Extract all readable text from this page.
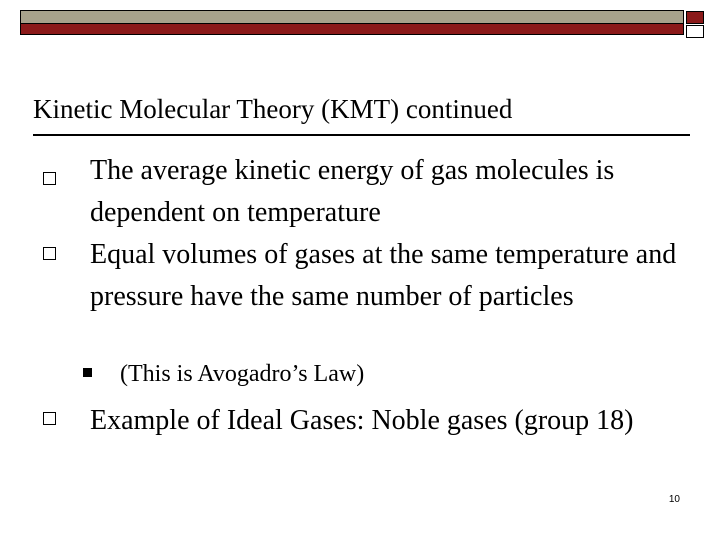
Kinetic Molecular Theory (KMT) continued
The average kinetic energy of gas molecules is dependent on temperature
Equal volumes of gases at the same temperature and pressure have the same number of particles
(This is Avogadro’s Law)
Example of Ideal Gases: Noble gases (group 18)
10
